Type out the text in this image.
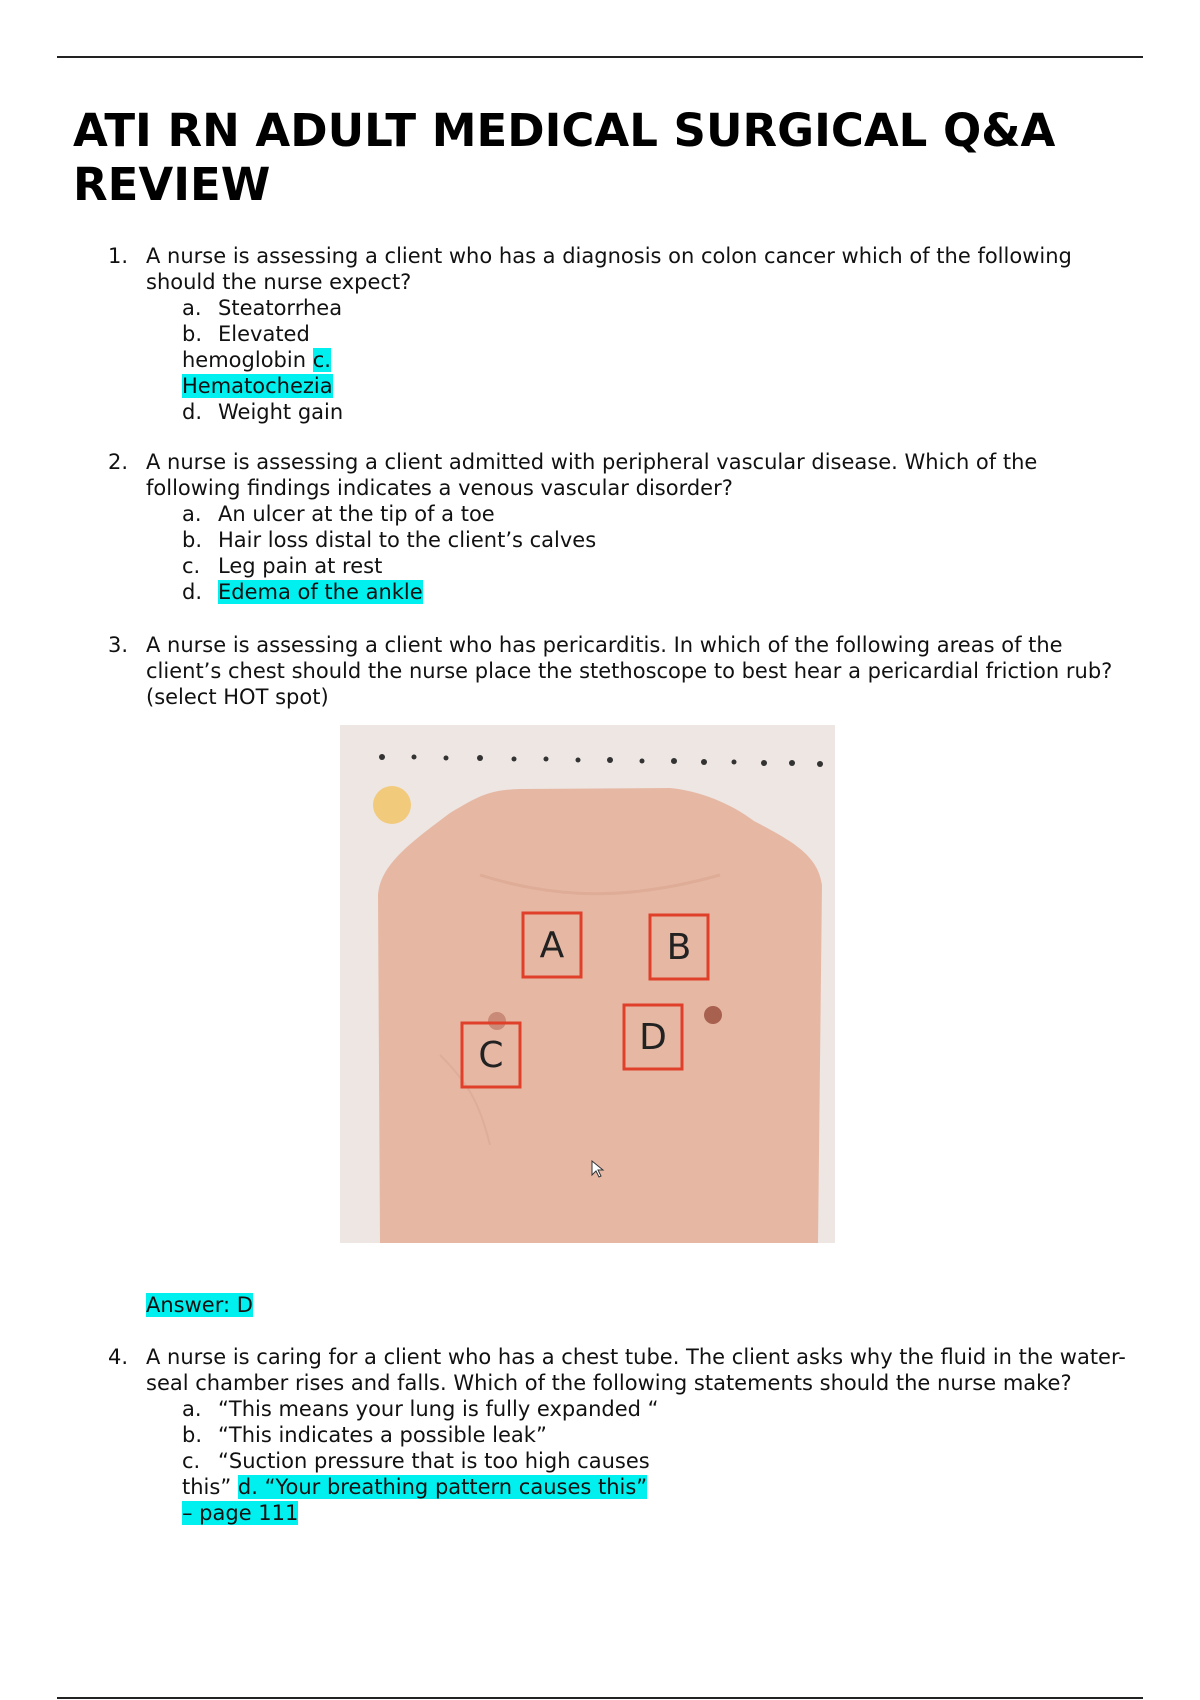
ATI RN ADULT MEDICAL SURGICAL Q&A REVIEW
1. A nurse is assessing a client who has a diagnosis on colon cancer which of the following should the nurse expect?
a. Steatorrhea
b. Elevated
hemoglobin c.
Hematochezia
d. Weight gain
2. A nurse is assessing a client admitted with peripheral vascular disease. Which of the following findings indicates a venous vascular disorder?
a. An ulcer at the tip of a toe
b. Hair loss distal to the client’s calves
c. Leg pain at rest
d. Edema of the ankle
3. A nurse is assessing a client who has pericarditis. In which of the following areas of the client’s chest should the nurse place the stethoscope to best hear a pericardial friction rub? (select HOT spot)
A	B
C	D
Answer: D
4. A nurse is caring for a client who has a chest tube. The client asks why the fluid in the water-seal chamber rises and falls. Which of the following statements should the nurse make?
a. “This means your lung is fully expanded “
b. “This indicates a possible leak”
c. “Suction pressure that is too high causes
this” d. “Your breathing pattern causes this”
– page 111
